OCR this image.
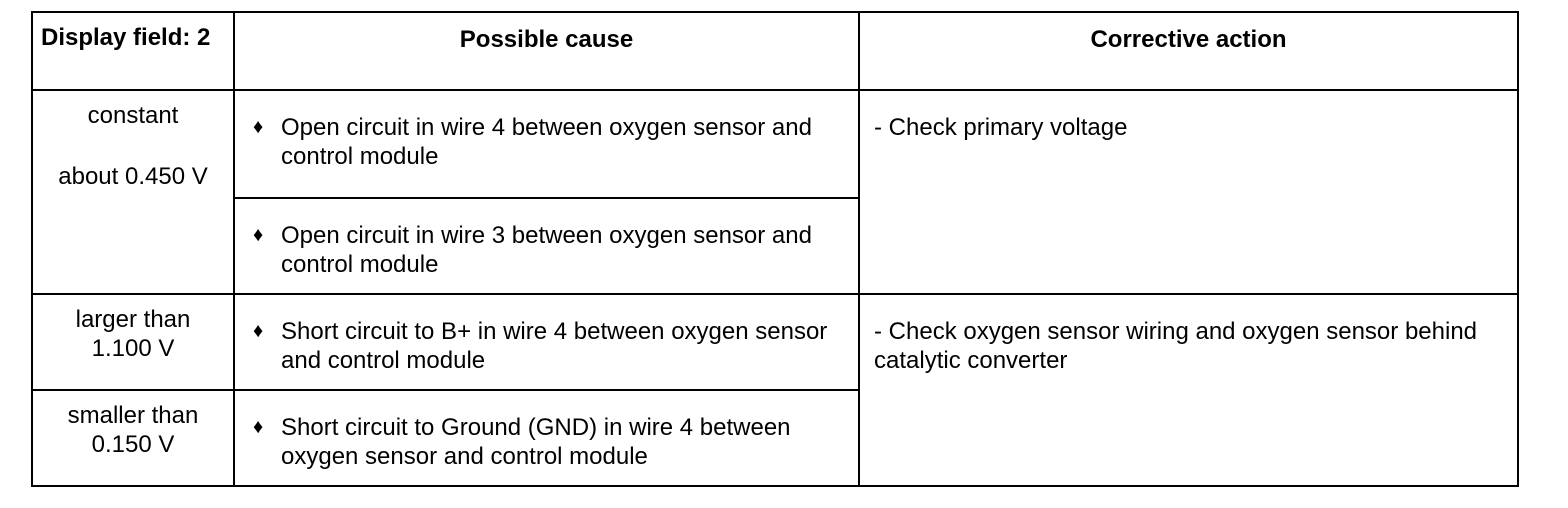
Display field: 2	Possible cause	Corrective action

constant
about 0.450 V	♦ Open circuit in wire 4 between oxygen sensor and control module	- Check primary voltage

	♦ Open circuit in wire 3 between oxygen sensor and control module	

larger than
1.100 V	♦ Short circuit to B+ in wire 4 between oxygen sensor and control module	- Check oxygen sensor wiring and oxygen sensor behind catalytic converter

smaller than
0.150 V	♦ Short circuit to Ground (GND) in wire 4 between oxygen sensor and control module	
